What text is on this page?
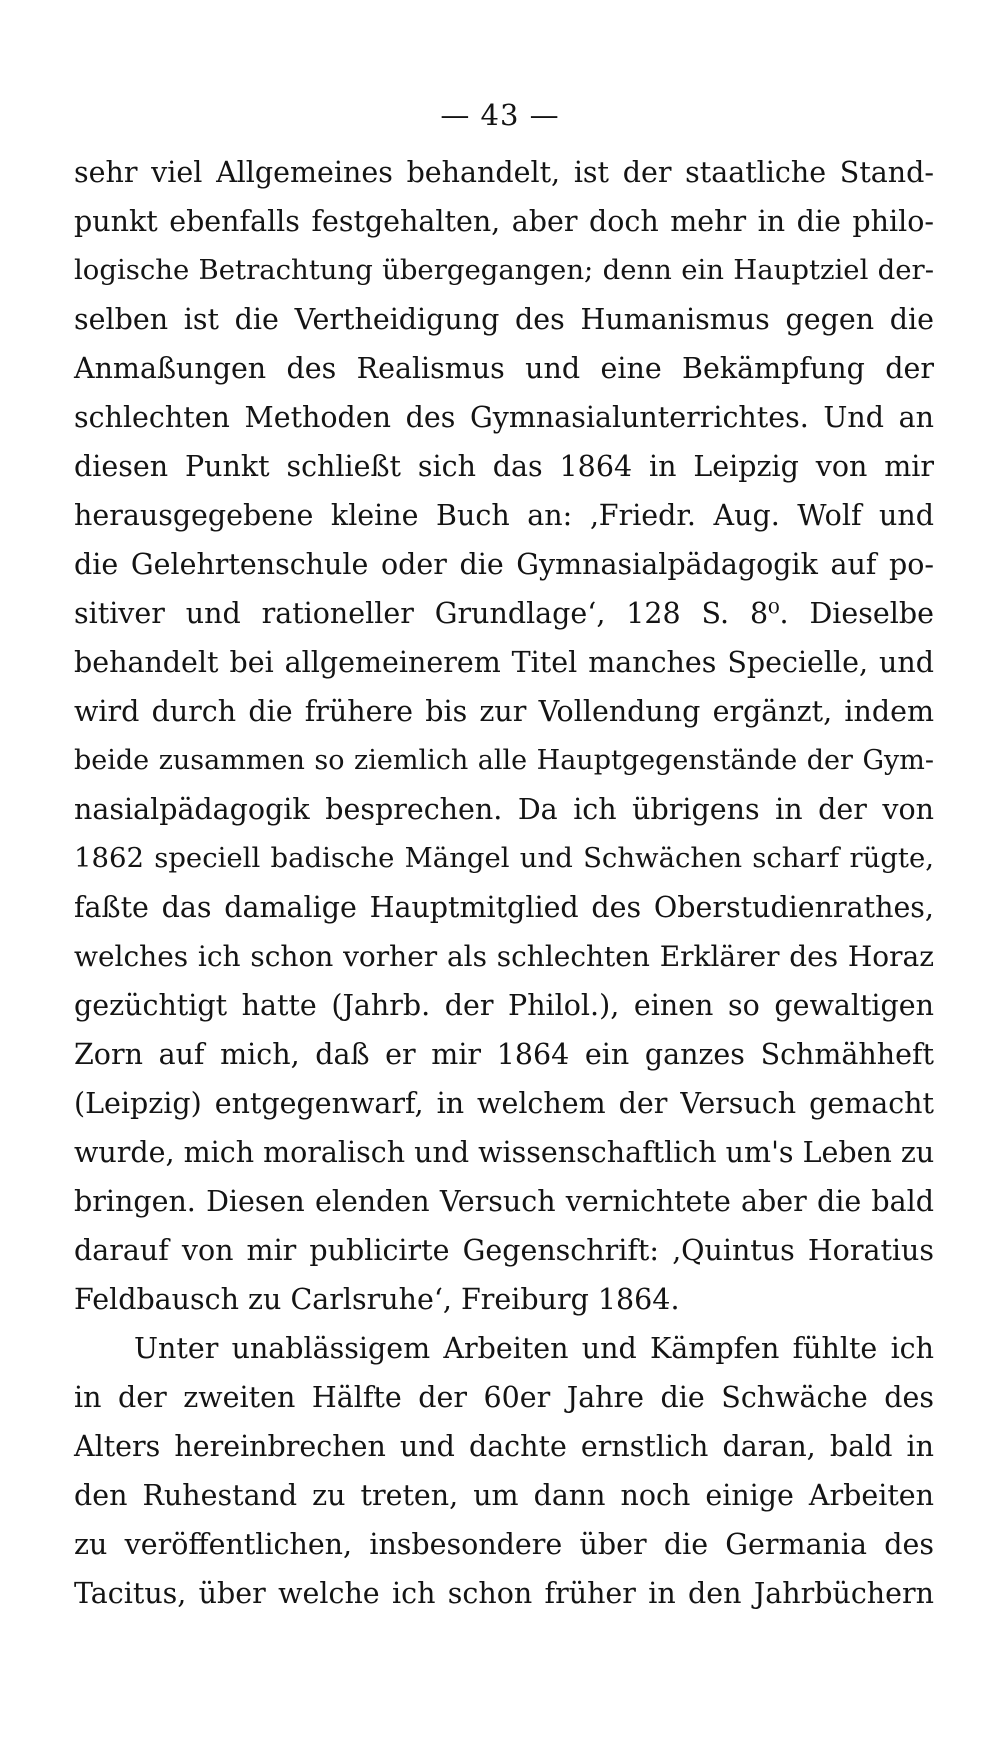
— 43 —
sehr viel Allgemeines behandelt, ist der staatliche Stand-
punkt ebenfalls festgehalten, aber doch mehr in die philo-
logische Betrachtung übergegangen; denn ein Hauptziel der-
selben ist die Vertheidigung des Humanismus gegen die
Anmaßungen des Realismus und eine Bekämpfung der
schlechten Methoden des Gymnasialunterrichtes. Und an
diesen Punkt schließt sich das 1864 in Leipzig von mir
herausgegebene kleine Buch an: ‚Friedr. Aug. Wolf und
die Gelehrtenschule oder die Gymnasialpädagogik auf po-
sitiver und rationeller Grundlage‘, 128 S. 8⁰. Dieselbe
behandelt bei allgemeinerem Titel manches Specielle, und
wird durch die frühere bis zur Vollendung ergänzt, indem
beide zusammen so ziemlich alle Hauptgegenstände der Gym-
nasialpädagogik besprechen. Da ich übrigens in der von
1862 speciell badische Mängel und Schwächen scharf rügte,
faßte das damalige Hauptmitglied des Oberstudienrathes,
welches ich schon vorher als schlechten Erklärer des Horaz
gezüchtigt hatte (Jahrb. der Philol.), einen so gewaltigen
Zorn auf mich, daß er mir 1864 ein ganzes Schmähheft
(Leipzig) entgegenwarf, in welchem der Versuch gemacht
wurde, mich moralisch und wissenschaftlich um's Leben zu
bringen. Diesen elenden Versuch vernichtete aber die bald
darauf von mir publicirte Gegenschrift: ‚Quintus Horatius
Feldbausch zu Carlsruhe‘, Freiburg 1864.
Unter unablässigem Arbeiten und Kämpfen fühlte ich
in der zweiten Hälfte der 60er Jahre die Schwäche des
Alters hereinbrechen und dachte ernstlich daran, bald in
den Ruhestand zu treten, um dann noch einige Arbeiten
zu veröffentlichen, insbesondere über die Germania des
Tacitus, über welche ich schon früher in den Jahrbüchern
